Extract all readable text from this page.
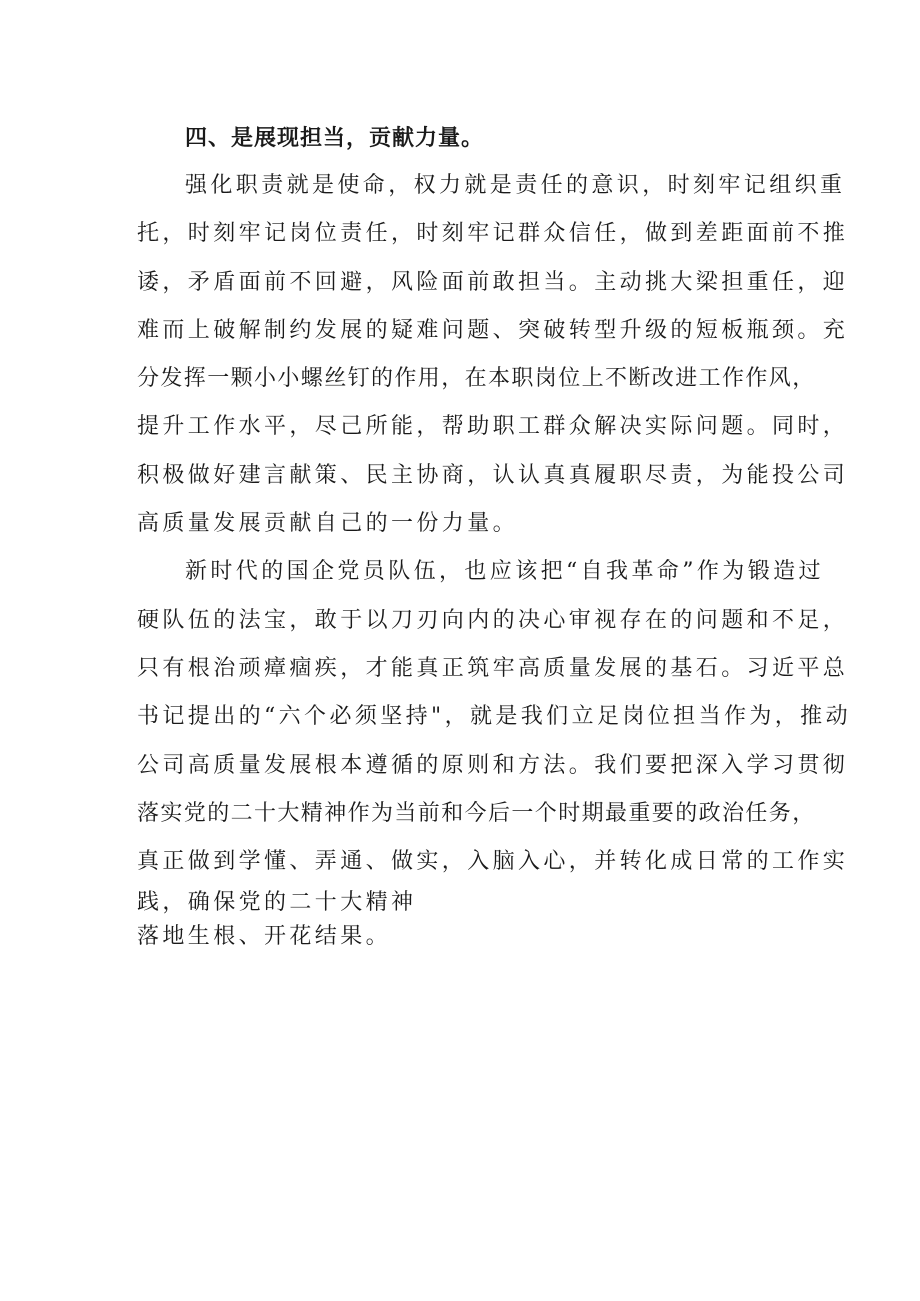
四、是展现担当，贡献力量。

强化职责就是使命，权力就是责任的意识，时刻牢记组织重
托，时刻牢记岗位责任，时刻牢记群众信任，做到差距面前不推
诿，矛盾面前不回避，风险面前敢担当。主动挑大梁担重任，迎
难而上破解制约发展的疑难问题、突破转型升级的短板瓶颈。充
分发挥一颗小小螺丝钉的作用，在本职岗位上不断改进工作作风，
提升工作水平，尽己所能，帮助职工群众解决实际问题。同时，
积极做好建言献策、民主协商，认认真真履职尽责，为能投公司
高质量发展贡献自己的一份力量。

新时代的国企党员队伍，也应该把“自我革命”作为锻造过
硬队伍的法宝，敢于以刀刃向内的决心审视存在的问题和不足，
只有根治顽瘴痼疾，才能真正筑牢高质量发展的基石。习近平总
书记提出的“六个必须坚持"，就是我们立足岗位担当作为，推动
公司高质量发展根本遵循的原则和方法。我们要把深入学习贯彻
落实党的二十大精神作为当前和今后一个时期最重要的政治任务，
真正做到学懂、弄通、做实，入脑入心，并转化成日常的工作实
践，确保党的二十大精神
落地生根、开花结果。
